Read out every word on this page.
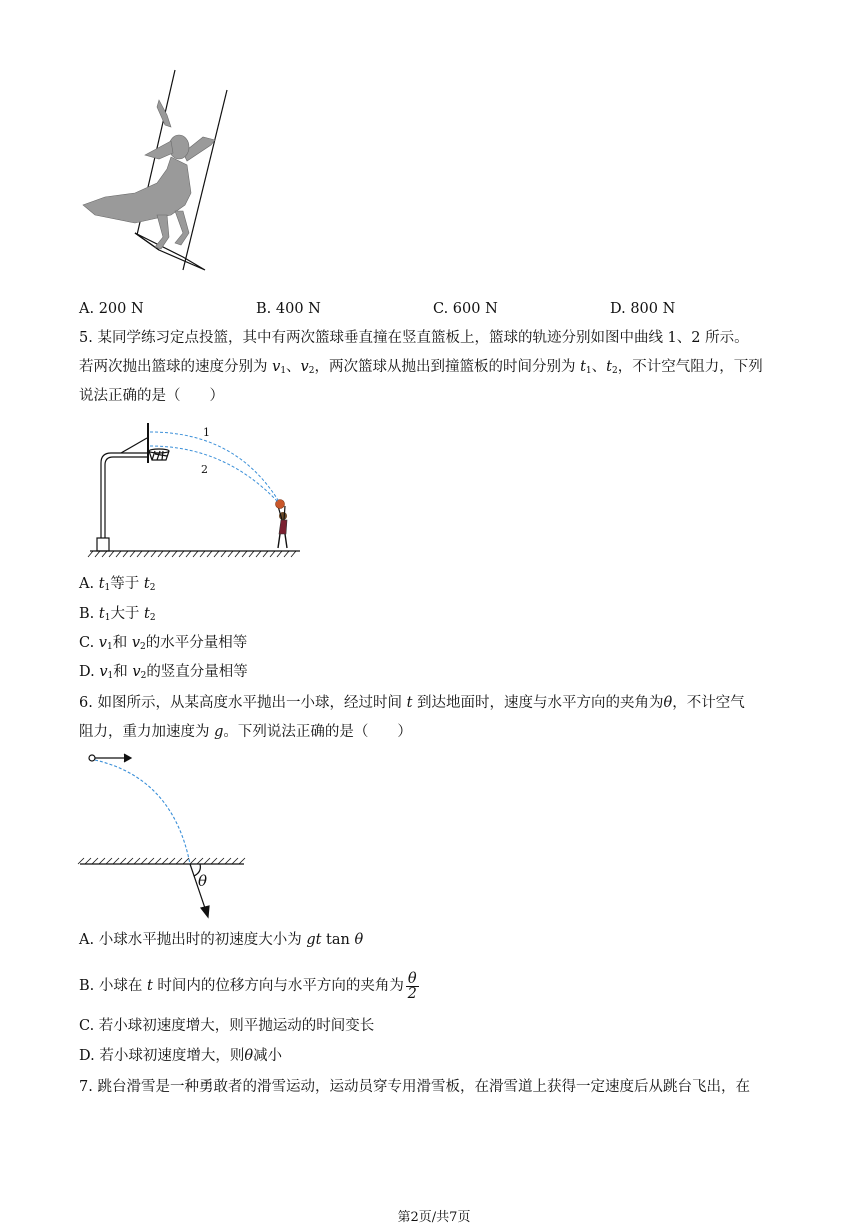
A. 200 N	B. 400 N	C. 600 N	D. 800 N
5. 某同学练习定点投篮，其中有两次篮球垂直撞在竖直篮板上，篮球的轨迹分别如图中曲线 1、2 所示。
若两次抛出篮球的速度分别为 $v_1$、$v_2$，两次篮球从抛出到撞篮板的时间分别为 $t_1$、$t_2$，不计空气阻力，下列
说法正确的是（　　）
1
2
A. $t_1$等于 $t_2$
B. $t_1$大于 $t_2$
C. $v_1$和 $v_2$的水平分量相等
D. $v_1$和 $v_2$的竖直分量相等
6. 如图所示，从某高度水平抛出一小球，经过时间 t 到达地面时，速度与水平方向的夹角为θ，不计空气
阻力，重力加速度为 g。下列说法正确的是（　　）
θ
A. 小球水平抛出时的初速度大小为 gt tan θ
B. 小球在 t 时间内的位移方向与水平方向的夹角为 $\frac{\theta}{2}$
C. 若小球初速度增大，则平抛运动的时间变长
D. 若小球初速度增大，则θ减小
7. 跳台滑雪是一种勇敢者的滑雪运动，运动员穿专用滑雪板，在滑雪道上获得一定速度后从跳台飞出，在
第2页/共7页
